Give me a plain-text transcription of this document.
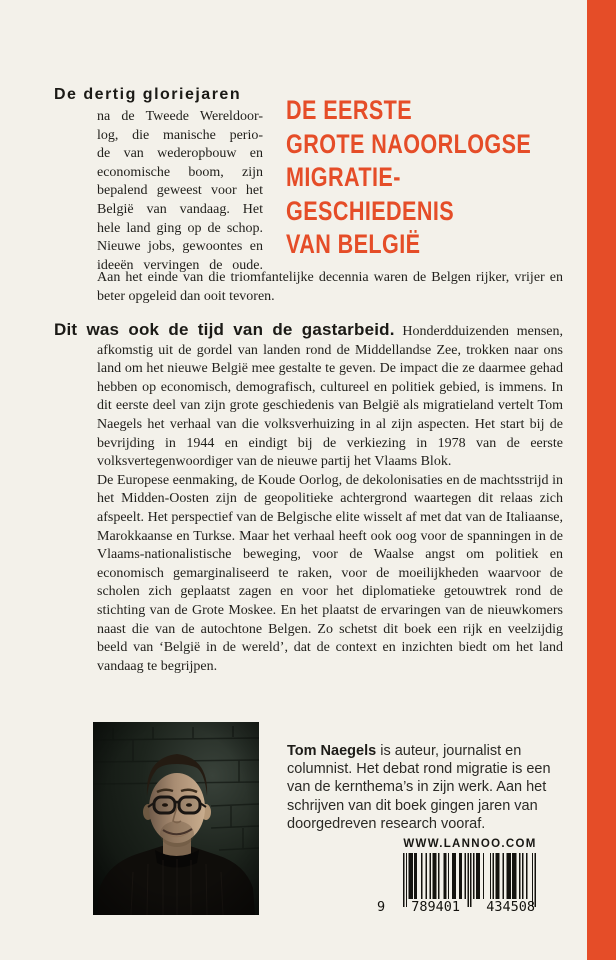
De dertig gloriejaren
na de Tweede Wereldoor-
log, die manische perio-
de van wederopbouw en
economische boom, zijn
bepalend geweest voor het
België van vandaag. Het
hele land ging op de schop.
Nieuwe jobs, gewoontes en
ideeën vervingen de oude.
DE EERSTE
GROTE NAOORLOGSE
MIGRATIE-
GESCHIEDENIS
VAN BELGIË
Aan het einde van die triomfantelijke decennia waren de Belgen rijker, vrijer en beter opgeleid dan ooit tevoren.

Dit was ook de tijd van de gastarbeid. Honderdduizenden mensen, afkomstig uit de gordel van landen rond de Middellandse Zee, trokken naar ons land om het nieuwe België mee gestalte te geven. De impact die ze daarmee gehad hebben op economisch, demografisch, cultureel en politiek gebied, is immens. In dit eerste deel van zijn grote geschiedenis van België als migratieland vertelt Tom Naegels het verhaal van die volksverhuizing in al zijn aspecten. Het start bij de bevrijding in 1944 en eindigt bij de verkiezing in 1978 van de eerste volksvertegenwoordiger van de nieuwe partij het Vlaams Blok.

De Europese eenmaking, de Koude Oorlog, de dekolonisaties en de machtsstrijd in het Midden-Oosten zijn de geopolitieke achtergrond waartegen dit relaas zich afspeelt. Het perspectief van de Belgische elite wisselt af met dat van de Italiaanse, Marokkaanse en Turkse. Maar het verhaal heeft ook oog voor de spanningen in de Vlaams-nationalistische beweging, voor de Waalse angst om politiek en economisch gemarginaliseerd te raken, voor de moeilijkheden waarvoor de scholen zich geplaatst zagen en voor het diplomatieke getouwtrek rond de stichting van de Grote Moskee. En het plaatst de ervaringen van de nieuwkomers naast die van de autochtone Belgen. Zo schetst dit boek een rijk en veelzijdig beeld van ‘België in de wereld’, dat de context en inzichten biedt om het land vandaag te begrijpen.

Tom Naegels is auteur, journalist en columnist. Het debat rond migratie is een van de kernthema’s in zijn werk. Aan het schrijven van dit boek gingen jaren van doorgedreven research vooraf.

WWW.LANNOO.COM
9 789401 434508
